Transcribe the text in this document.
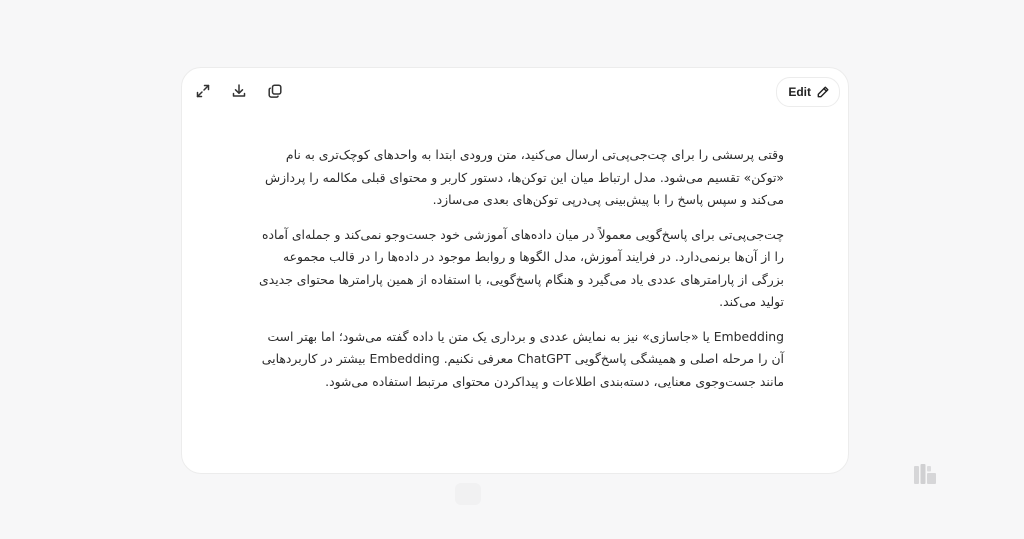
Edit

وقتی پرسشی را برای چت‌جی‌پی‌تی ارسال می‌کنید، متن ورودی ابتدا به واحدهای کوچک‌تری به نام «توکن» تقسیم می‌شود. مدل ارتباط میان این توکن‌ها، دستور کاربر و محتوای قبلی مکالمه را پردازش می‌کند و سپس پاسخ را با پیش‌بینی پی‌درپی توکن‌های بعدی می‌سازد.

چت‌جی‌پی‌تی برای پاسخ‌گویی معمولاً در میان داده‌های آموزشی خود جست‌وجو نمی‌کند و جمله‌ای آماده را از آن‌ها برنمی‌دارد. در فرایند آموزش، مدل الگوها و روابط موجود در داده‌ها را در قالب مجموعه بزرگی از پارامترهای عددی یاد می‌گیرد و هنگام پاسخ‌گویی، با استفاده از همین پارامترها محتوای جدیدی تولید می‌کند.

Embedding یا «جاسازی» نیز به نمایش عددی و برداری یک متن یا داده گفته می‌شود؛ اما بهتر است آن را مرحله اصلی و همیشگی پاسخ‌گویی ChatGPT معرفی نکنیم. Embedding بیشتر در کاربردهایی مانند جست‌وجوی معنایی، دسته‌بندی اطلاعات و پیداکردن محتوای مرتبط استفاده می‌شود.
